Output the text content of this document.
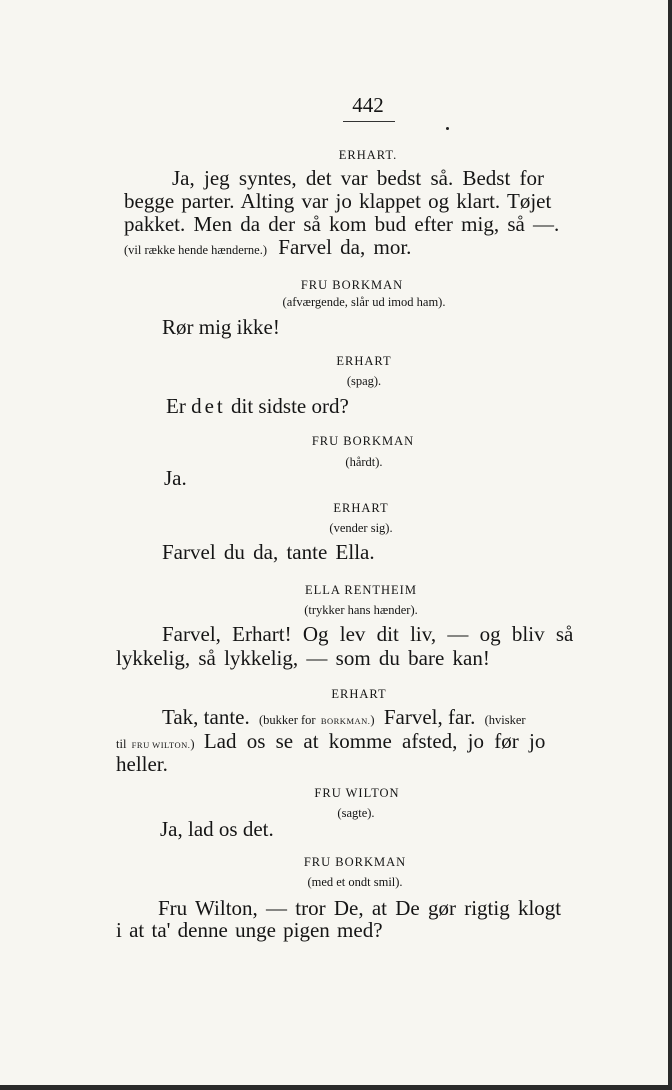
442
ERHART.
Ja, jeg syntes, det var bedst så. Bedst for
begge parter. Alting var jo klappet og klart. Tøjet
pakket. Men da der så kom bud efter mig, så —.
(vil række hende hænderne.) Farvel da, mor.
FRU BORKMAN
(afværgende, slår ud imod ham).
Rør mig ikke!
ERHART
(spag).
Er det dit sidste ord?
FRU BORKMAN
(hårdt).
Ja.
ERHART
(vender sig).
Farvel du da, tante Ella.
ELLA RENTHEIM
(trykker hans hænder).
Farvel, Erhart! Og lev dit liv, — og bliv så
lykkelig, så lykkelig, — som du bare kan!
ERHART
Tak, tante. (bukker for BORKMAN.) Farvel, far. (hvisker
til FRU WILTON.) Lad os se at komme afsted, jo før jo
heller.
FRU WILTON
(sagte).
Ja, lad os det.
FRU BORKMAN
(med et ondt smil).
Fru Wilton, — tror De, at De gør rigtig klogt
i at ta' denne unge pigen med?
